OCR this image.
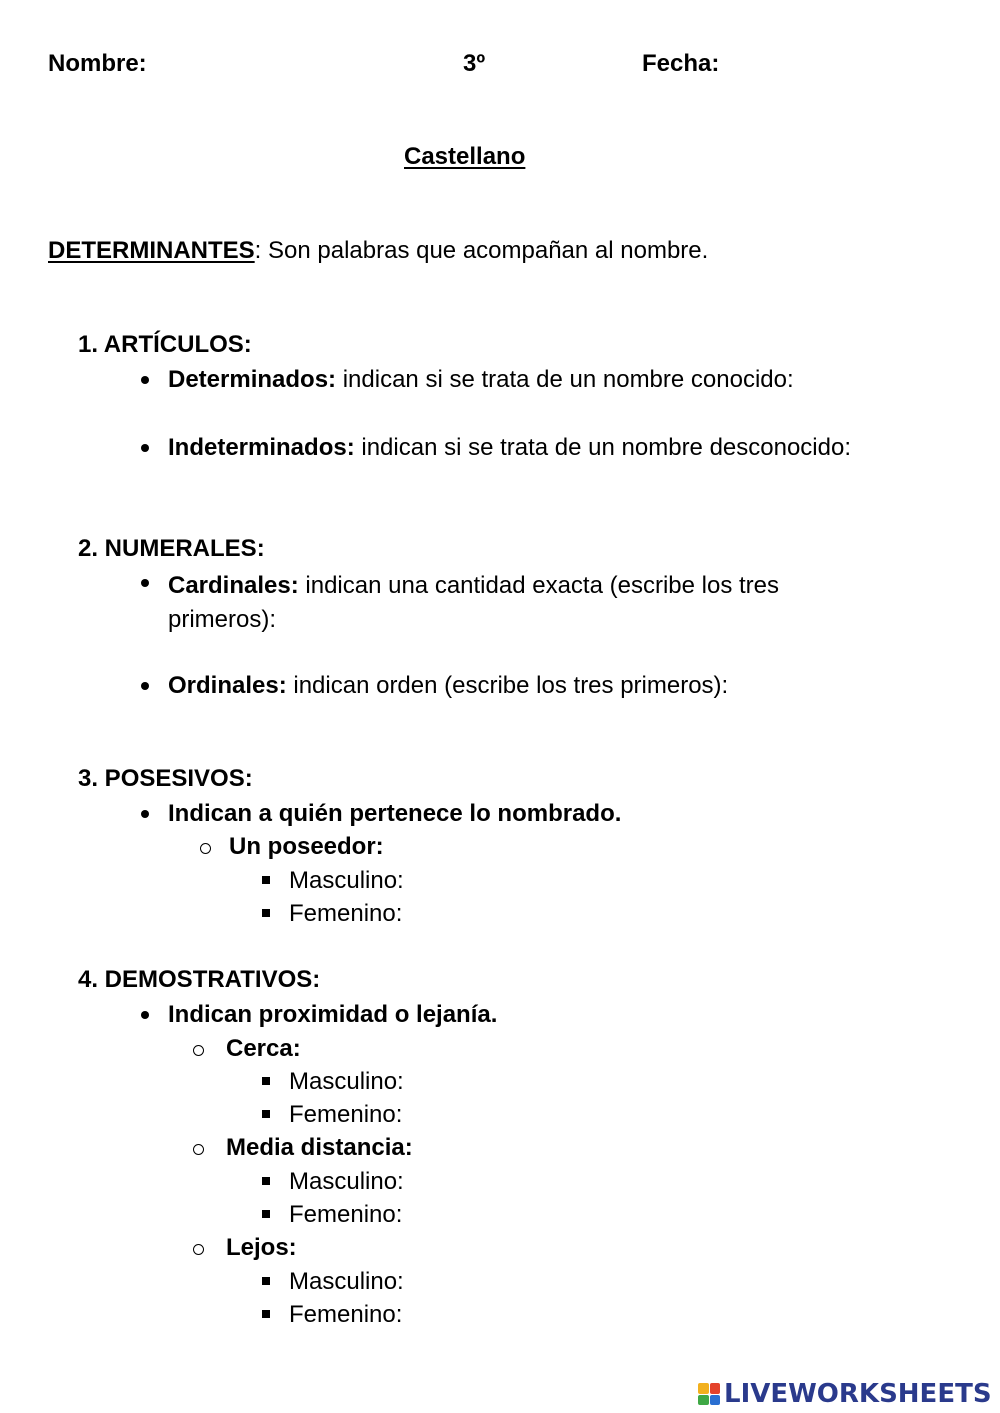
Nombre:	3º	Fecha:
Castellano
DETERMINANTES: Son palabras que acompañan al nombre.
1. ARTÍCULOS:
Determinados: indican si se trata de un nombre conocido:
Indeterminados: indican si se trata de un nombre desconocido:
2. NUMERALES:
Cardinales: indican una cantidad exacta (escribe los tres primeros):
Ordinales: indican orden (escribe los tres primeros):
3. POSESIVOS:
Indican a quién pertenece lo nombrado.
Un poseedor:
Masculino:
Femenino:
4. DEMOSTRATIVOS:
Indican proximidad o lejanía.
Cerca:
Masculino:
Femenino:
Media distancia:
Masculino:
Femenino:
Lejos:
Masculino:
Femenino:
LIVEWORKSHEETS
